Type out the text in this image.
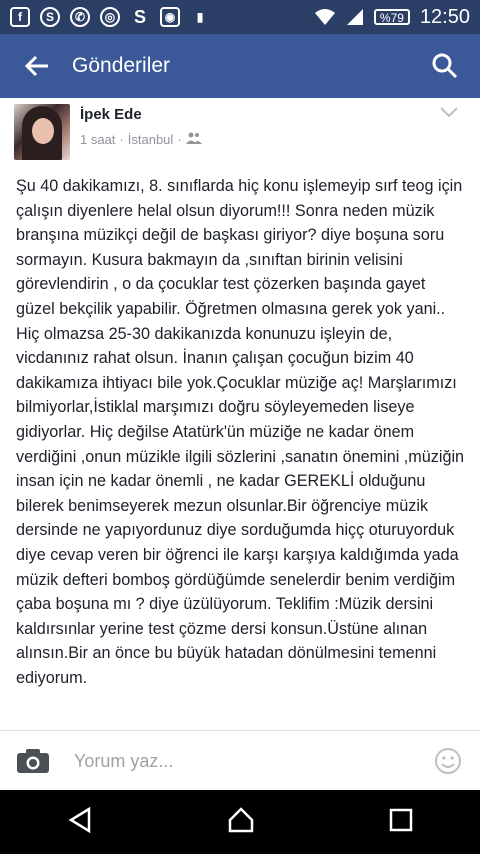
f	S	✆	◎ S	◉	▮	%79 12:50
Gönderiler
İpek Ede
1 saat · İstanbul ·
Şu 40 dakikamızı, 8. sınıflarda hiç konu işlemeyip sırf teog için çalışın diyenlere helal olsun diyorum!!! Sonra neden müzik branşına müzikçi değil de başkası giriyor? diye boşuna soru sormayın. Kusura bakmayın da ,sınıftan birinin velisini görevlendirin , o da çocuklar test çözerken başında gayet güzel bekçilik yapabilir. Öğretmen olmasına gerek yok yani.. Hiç olmazsa 25-30 dakikanızda konunuzu işleyin de, vicdanınız rahat olsun. İnanın çalışan çocuğun bizim 40 dakikamıza ihtiyacı bile yok.Çocuklar müziğe aç! Marşlarımızı bilmiyorlar,İstiklal marşımızı doğru söyleyemeden liseye gidiyorlar. Hiç değilse Atatürk'ün müziğe ne kadar önem verdiğini ,onun müzikle ilgili sözlerini ,sanatın önemini ,müziğin insan için ne kadar önemli , ne kadar GEREKLİ olduğunu bilerek benimseyerek mezun olsunlar.Bir öğrenciye müzik dersinde ne yapıyordunuz diye sorduğumda hiçç oturuyorduk diye cevap veren bir öğrenci ile karşı karşıya kaldığımda yada müzik defteri bomboş gördüğümde senelerdir benim verdiğim çaba boşuna mı ? diye üzülüyorum. Teklifim :Müzik dersini kaldırsınlar yerine test çözme dersi konsun.Üstüne alınan alınsın.Bir an önce bu büyük hatadan dönülmesini temenni ediyorum.
Yorum yaz...
